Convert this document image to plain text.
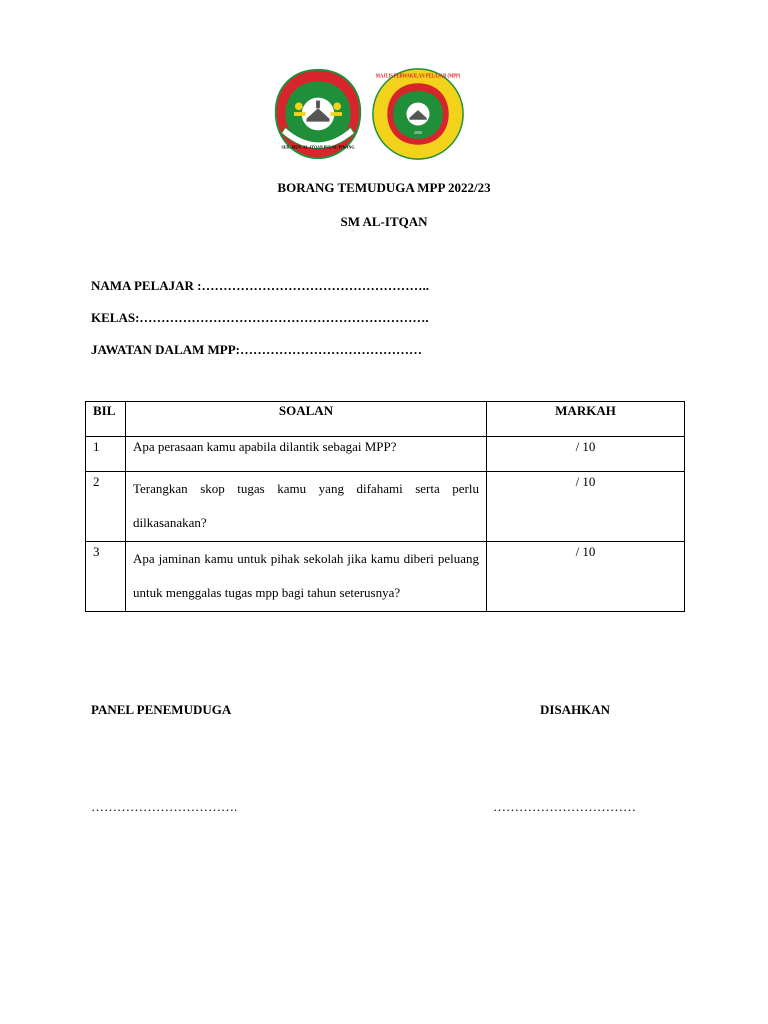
2006
SEK. MEN. AL-ITQAN PULAU PINANG
2006
MAJLIS PERWAKILAN PELAJAR (MPP)
BORANG TEMUDUGA MPP 2022/23
SM AL-ITQAN
NAMA PELAJAR :……………………………………………..
KELAS:………………………………………………………….
JAWATAN DALAM MPP:……………………………………
BIL	SOALAN	MARKAH
1	Apa perasaan kamu apabila dilantik sebagai MPP?	/ 10
2	Terangkan skop tugas kamu yang difahami serta perlu dilkasanakan?	/ 10
3	Apa jaminan kamu untuk pihak sekolah jika kamu diberi peluang untuk menggalas tugas mpp bagi tahun seterusnya?	/ 10
PANEL PENEMUDUGA	DISAHKAN
…………………………….	……………………………
